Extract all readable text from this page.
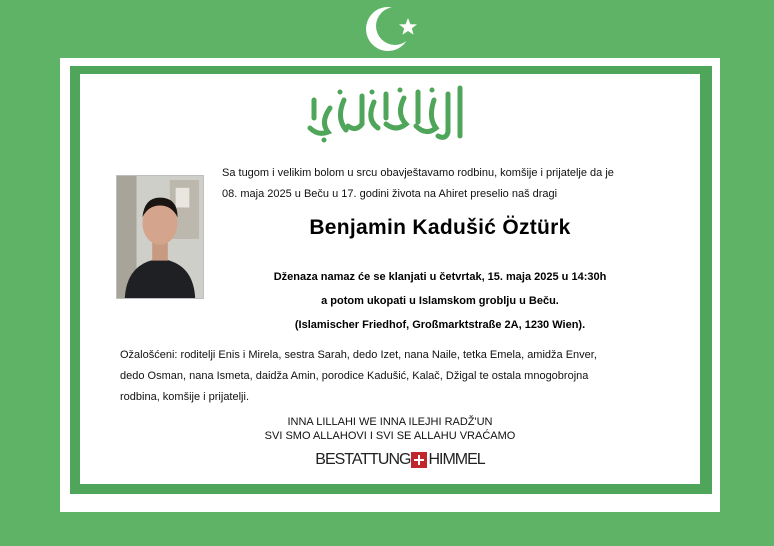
Sa tugom i velikim bolom u srcu obavještavamo rodbinu, komšije i prijatelje da je
08. maja 2025 u Beču u 17. godini života na Ahiret preselio naš dragi
Benjamin Kadušić Öztürk
Dženaza namaz će se klanjati u četvrtak, 15. maja 2025 u 14:30h
a potom ukopati u Islamskom groblju u Beču.
(Islamischer Friedhof, Großmarktstraße 2A, 1230 Wien).
Ožalošćeni: roditelji Enis i Mirela, sestra Sarah, dedo Izet, nana Naile, tetka Emela, amidža Enver,
dedo Osman, nana Ismeta, daidža Amin, porodice Kadušić, Kalač, Džigal te ostala mnogobrojna
rodbina, komšije i prijatelji.
INNA LILLAHI WE INNA ILEJHI RADŽ'UN
SVI SMO ALLAHOVI I SVI SE ALLAHU VRAĆAMO
BESTATTUNG HIMMEL
